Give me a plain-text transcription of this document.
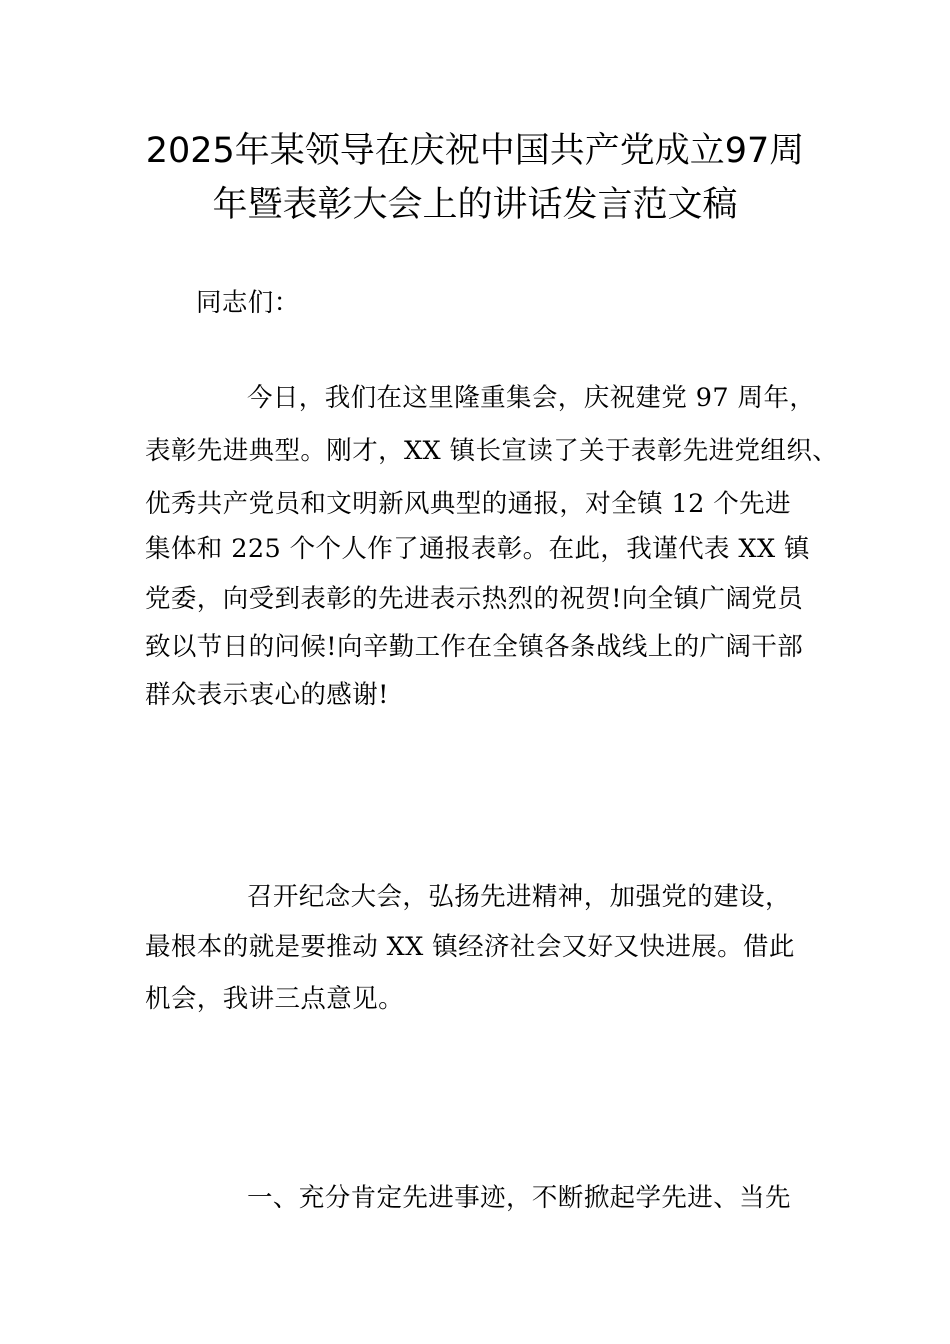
2025年某领导在庆祝中国共产党成立97周
年暨表彰大会上的讲话发言范文稿
同志们：
今日，我们在这里隆重集会，庆祝建党 97 周年，
表彰先进典型。刚才，XX 镇长宣读了关于表彰先进党组织、
优秀共产党员和文明新风典型的通报，对全镇 12 个先进
集体和 225 个个人作了通报表彰。在此，我谨代表 XX 镇
党委，向受到表彰的先进表示热烈的祝贺!向全镇广阔党员
致以节日的问候!向辛勤工作在全镇各条战线上的广阔干部
群众表示衷心的感谢!
召开纪念大会，弘扬先进精神，加强党的建设，
最根本的就是要推动 XX 镇经济社会又好又快进展。借此
机会，我讲三点意见。
一、充分肯定先进事迹，不断掀起学先进、当先
